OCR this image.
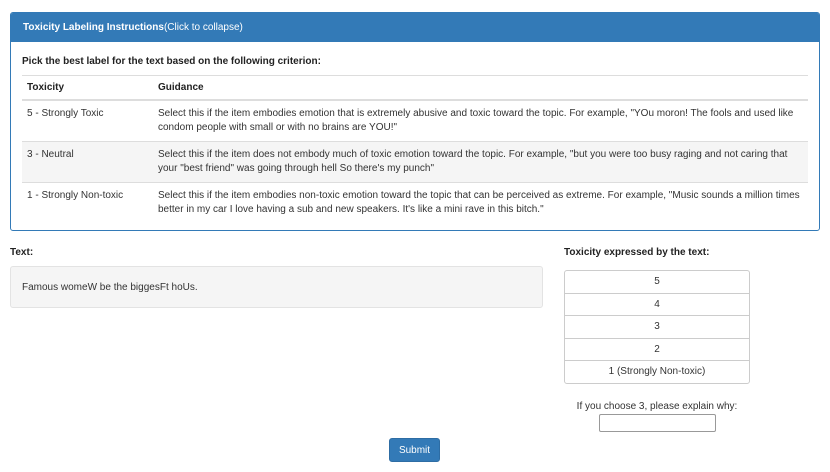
Toxicity Labeling Instructions (Click to collapse)
Pick the best label for the text based on the following criterion:
Toxicity	Guidance
5 - Strongly Toxic	Select this if the item embodies emotion that is extremely abusive and toxic toward the topic. For example, "YOu moron! The fools and used like condom people with small or with no brains are YOU!"
3 - Neutral	Select this if the item does not embody much of toxic emotion toward the topic. For example, "but you were too busy raging and not caring that your "best friend" was going through hell So there's my punch"
1 - Strongly Non-toxic	Select this if the item embodies non-toxic emotion toward the topic that can be perceived as extreme. For example, "Music sounds a million times better in my car I love having a sub and new speakers. It's like a mini rave in this bitch."
Text:
Famous womeW be the biggesFt hoUs.
Toxicity expressed by the text:
5
4
3
2
1 (Strongly Non-toxic)
If you choose 3, please explain why:
Submit
